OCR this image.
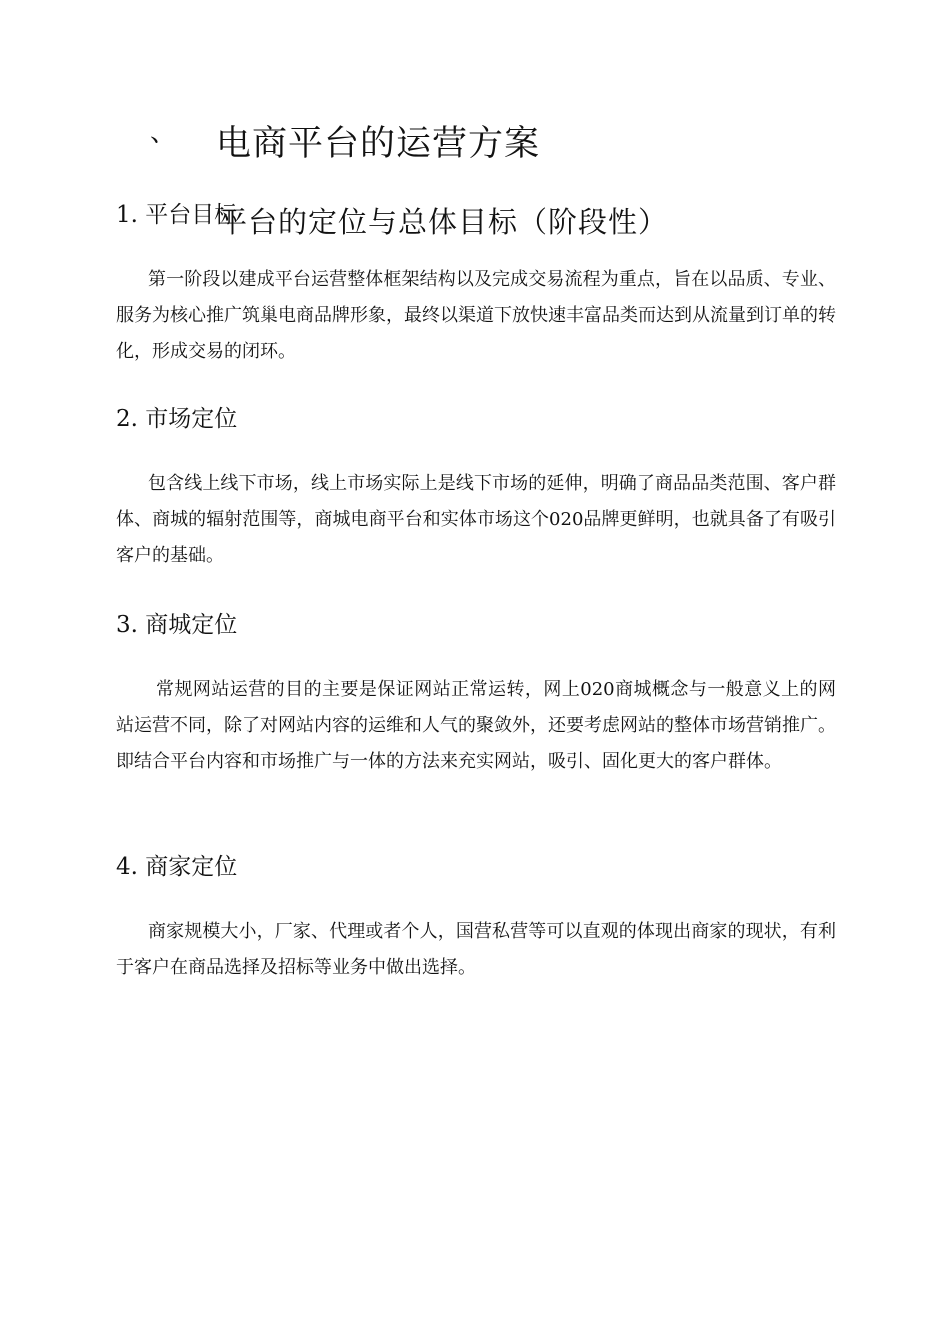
、 电商平台的运营方案
1. 平台目标
平台的定位与总体目标（阶段性）

第一阶段以建成平台运营整体框架结构以及完成交易流程为重点，旨在以品质、专业、服务为核心推广筑巢电商品牌形象，最终以渠道下放快速丰富品类而达到从流量到订单的转化，形成交易的闭环。

2. 市场定位

包含线上线下市场，线上市场实际上是线下市场的延伸，明确了商品品类范围、客户群体、商城的辐射范围等，商城电商平台和实体市场这个020品牌更鲜明，也就具备了有吸引客户的基础。

3. 商城定位

常规网站运营的目的主要是保证网站正常运转，网上020商城概念与一般意义上的网站运营不同，除了对网站内容的运维和人气的聚敛外，还要考虑网站的整体市场营销推广。即结合平台内容和市场推广与一体的方法来充实网站，吸引、固化更大的客户群体。

4. 商家定位

商家规模大小，厂家、代理或者个人，国营私营等可以直观的体现出商家的现状，有利于客户在商品选择及招标等业务中做出选择。
